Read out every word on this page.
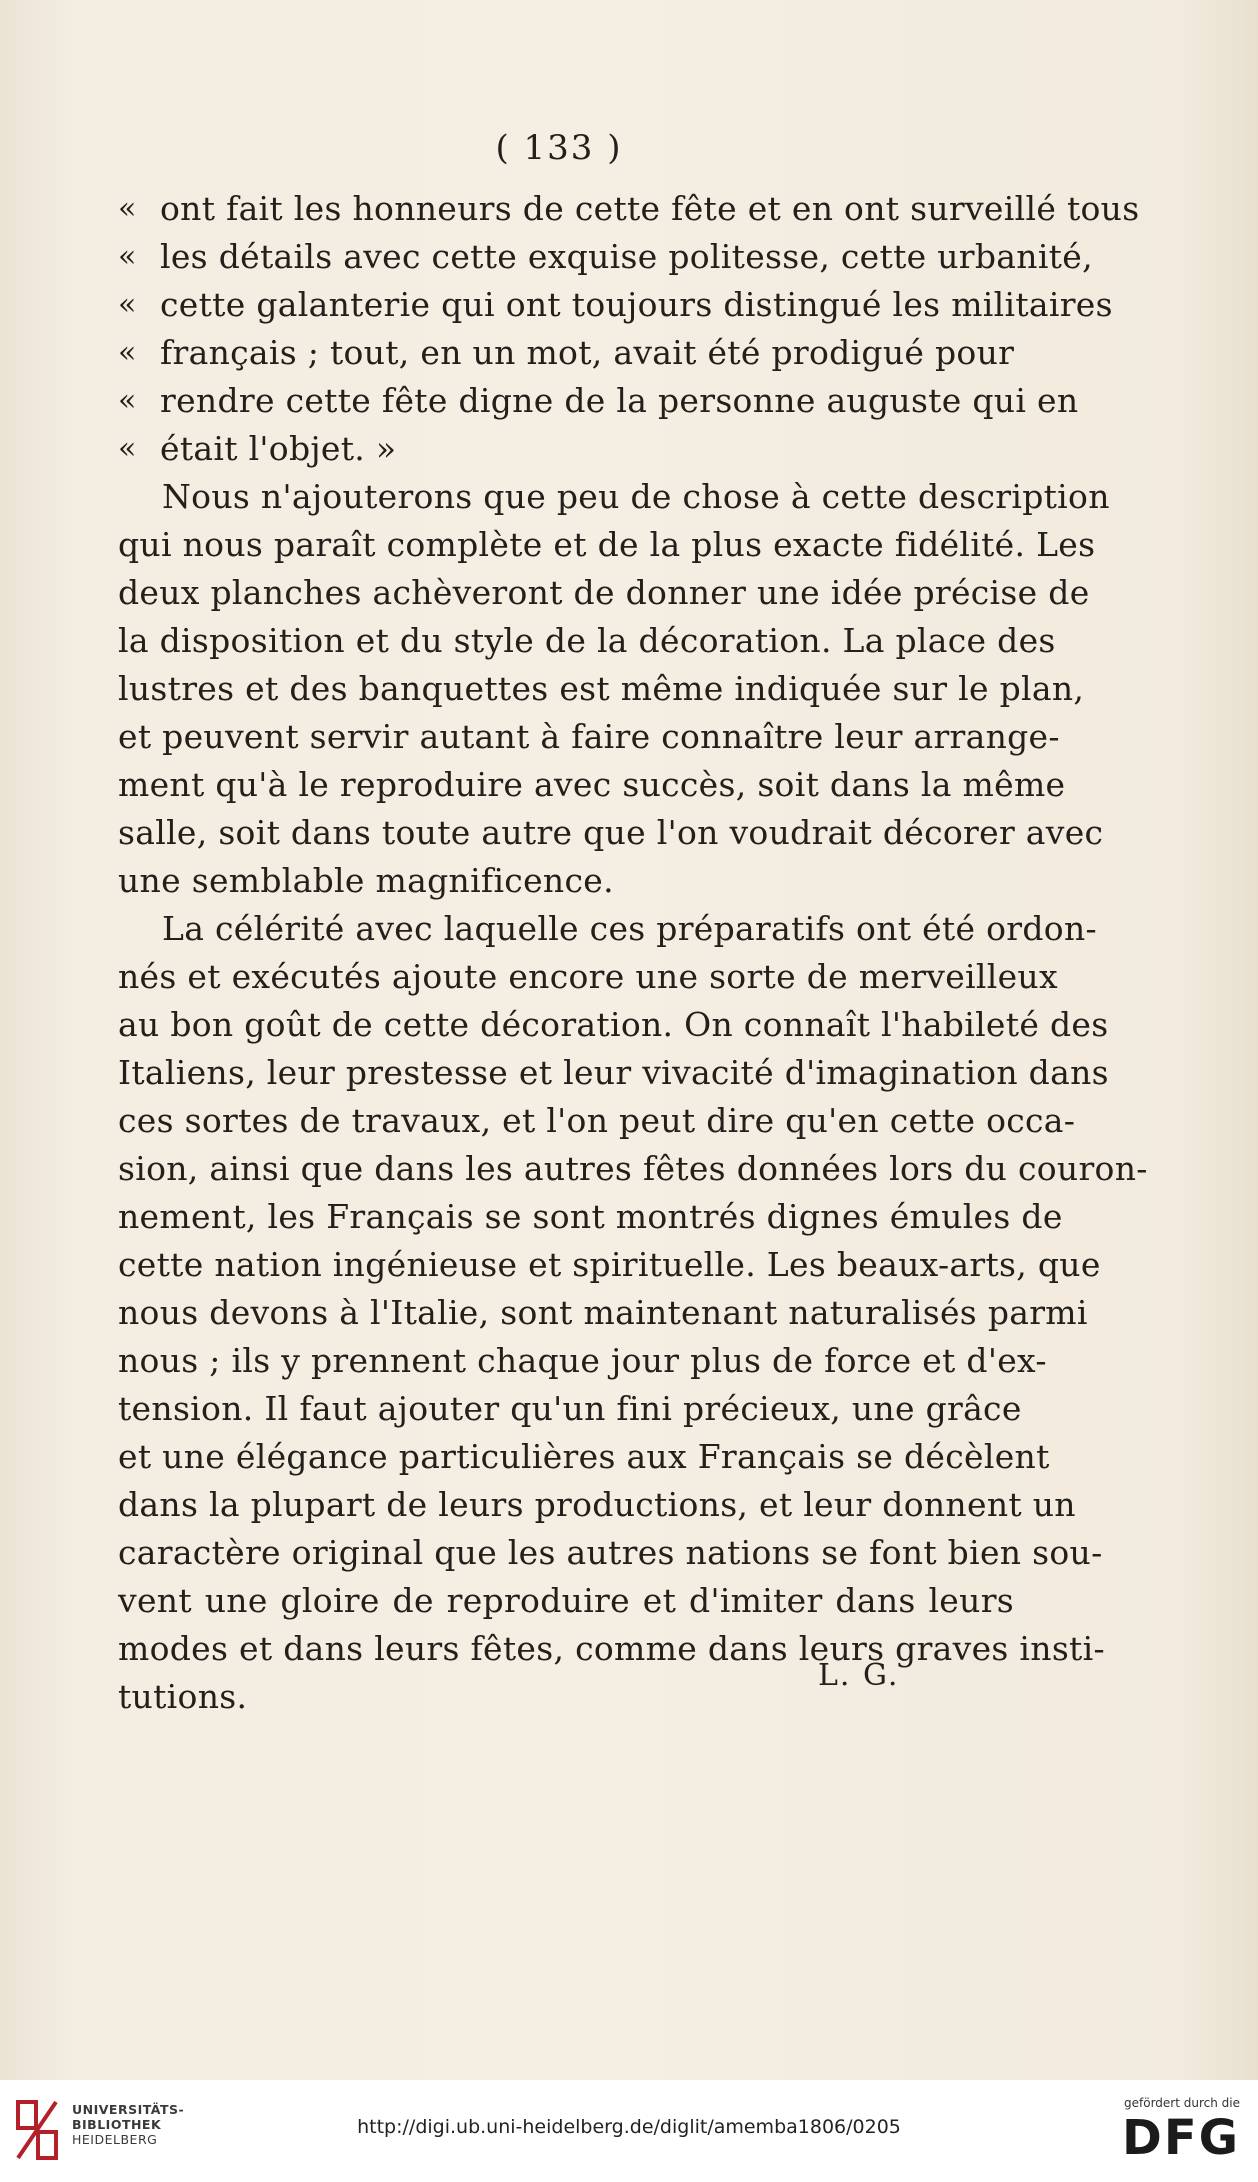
( 133 )
« ont fait les honneurs de cette fête et en ont surveillé tous
« les détails avec cette exquise politesse, cette urbanité,
« cette galanterie qui ont toujours distingué les militaires
« français ; tout, en un mot, avait été prodigué pour
« rendre cette fête digne de la personne auguste qui en
« était l'objet. »
Nous n'ajouterons que peu de chose à cette description
qui nous paraît complète et de la plus exacte fidélité. Les
deux planches achèveront de donner une idée précise de
la disposition et du style de la décoration. La place des
lustres et des banquettes est même indiquée sur le plan,
et peuvent servir autant à faire connaître leur arrange-
ment qu'à le reproduire avec succès, soit dans la même
salle, soit dans toute autre que l'on voudrait décorer avec
une semblable magnificence.
La célérité avec laquelle ces préparatifs ont été ordon-
nés et exécutés ajoute encore une sorte de merveilleux
au bon goût de cette décoration. On connaît l'habileté des
Italiens, leur prestesse et leur vivacité d'imagination dans
ces sortes de travaux, et l'on peut dire qu'en cette occa-
sion, ainsi que dans les autres fêtes données lors du couron-
nement, les Français se sont montrés dignes émules de
cette nation ingénieuse et spirituelle. Les beaux-arts, que
nous devons à l'Italie, sont maintenant naturalisés parmi
nous ; ils y prennent chaque jour plus de force et d'ex-
tension. Il faut ajouter qu'un fini précieux, une grâce
et une élégance particulières aux Français se décèlent
dans la plupart de leurs productions, et leur donnent un
caractère original que les autres nations se font bien sou-
vent une gloire de reproduire et d'imiter dans leurs
modes et dans leurs fêtes, comme dans leurs graves insti-
tutions.
L. G.
UNIVERSITÄTS-
BIBLIOTHEK
HEIDELBERG
http://digi.ub.uni-heidelberg.de/diglit/amemba1806/0205
gefördert durch die
DFG
